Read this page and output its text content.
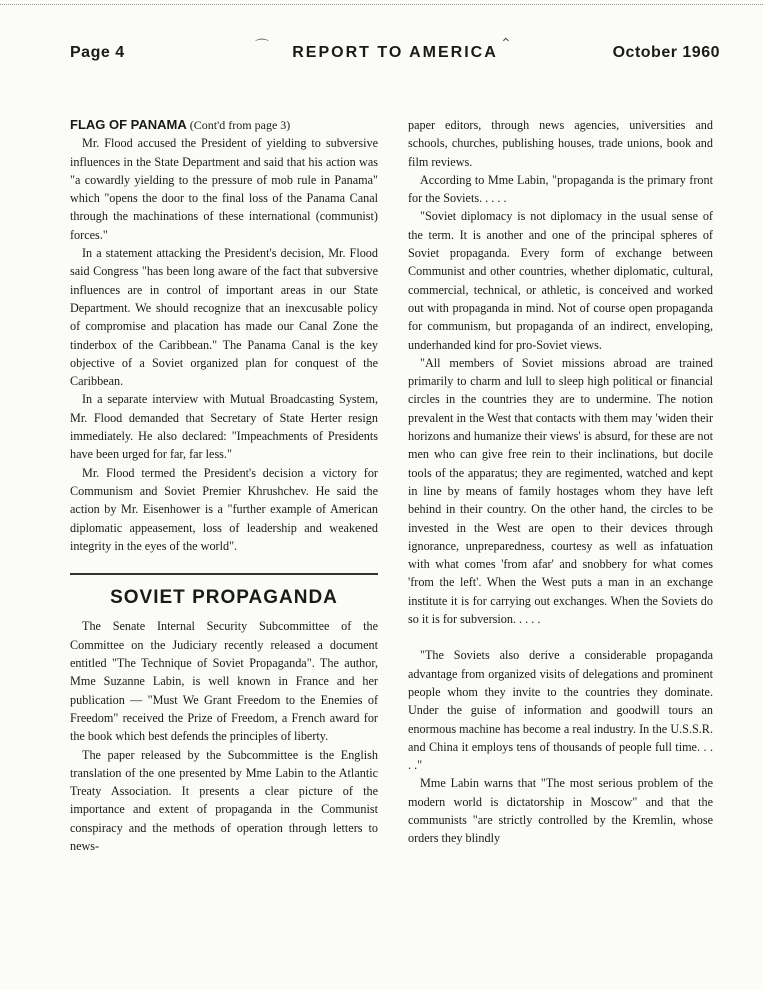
Page 4	REPORT TO AMERICA	October 1960
⌒	⌃

FLAG OF PANAMA (Cont'd from page 3)

Mr. Flood accused the President of yielding to subversive influences in the State Department and said that his action was "a cowardly yielding to the pressure of mob rule in Panama" which "opens the door to the final loss of the Panama Canal through the machinations of these international (communist) forces."

In a statement attacking the President's decision, Mr. Flood said Congress "has been long aware of the fact that subversive influences are in control of important areas in our State Department. We should recognize that an inexcusable policy of compromise and placation has made our Canal Zone the tinderbox of the Caribbean." The Panama Canal is the key objective of a Soviet organized plan for conquest of the Caribbean.

In a separate interview with Mutual Broadcasting System, Mr. Flood demanded that Secretary of State Herter resign immediately. He also declared: "Impeachments of Presidents have been urged for far, far less."

Mr. Flood termed the President's decision a victory for Communism and Soviet Premier Khrushchev. He said the action by Mr. Eisenhower is a "further example of American diplomatic appeasement, loss of leadership and weakened integrity in the eyes of the world".

SOVIET PROPAGANDA

The Senate Internal Security Subcommittee of the Committee on the Judiciary recently released a document entitled "The Technique of Soviet Propaganda". The author, Mme Suzanne Labin, is well known in France and her publication — "Must We Grant Freedom to the Enemies of Freedom" received the Prize of Freedom, a French award for the book which best defends the principles of liberty.

The paper released by the Subcommittee is the English translation of the one presented by Mme Labin to the Atlantic Treaty Association. It presents a clear picture of the importance and extent of propaganda in the Communist conspiracy and the methods of operation through letters to news-

paper editors, through news agencies, universities and schools, churches, publishing houses, trade unions, book and film reviews.

According to Mme Labin, "propaganda is the primary front for the Soviets. . . . .

"Soviet diplomacy is not diplomacy in the usual sense of the term. It is another and one of the principal spheres of Soviet propaganda. Every form of exchange between Communist and other countries, whether diplomatic, cultural, commercial, technical, or athletic, is conceived and worked out with propaganda in mind. Not of course open propaganda for communism, but propaganda of an indirect, enveloping, underhanded kind for pro-Soviet views.

"All members of Soviet missions abroad are trained primarily to charm and lull to sleep high political or financial circles in the countries they are to undermine. The notion prevalent in the West that contacts with them may 'widen their horizons and humanize their views' is absurd, for these are not men who can give free rein to their inclinations, but docile tools of the apparatus; they are regimented, watched and kept in line by means of family hostages whom they have left behind in their country. On the other hand, the circles to be invested in the West are open to their devices through ignorance, unpreparedness, courtesy as well as infatuation with what comes 'from afar' and snobbery for what comes 'from the left'. When the West puts a man in an exchange institute it is for carrying out exchanges. When the Soviets do so it is for subversion. . . . .

"The Soviets also derive a considerable propaganda advantage from organized visits of delegations and prominent people whom they invite to the countries they dominate. Under the guise of information and goodwill tours an enormous machine has become a real industry. In the U.S.S.R. and China it employs tens of thousands of people full time. . . . ."

Mme Labin warns that "The most serious problem of the modern world is dictatorship in Moscow" and that the communists "are strictly controlled by the Kremlin, whose orders they blindly
